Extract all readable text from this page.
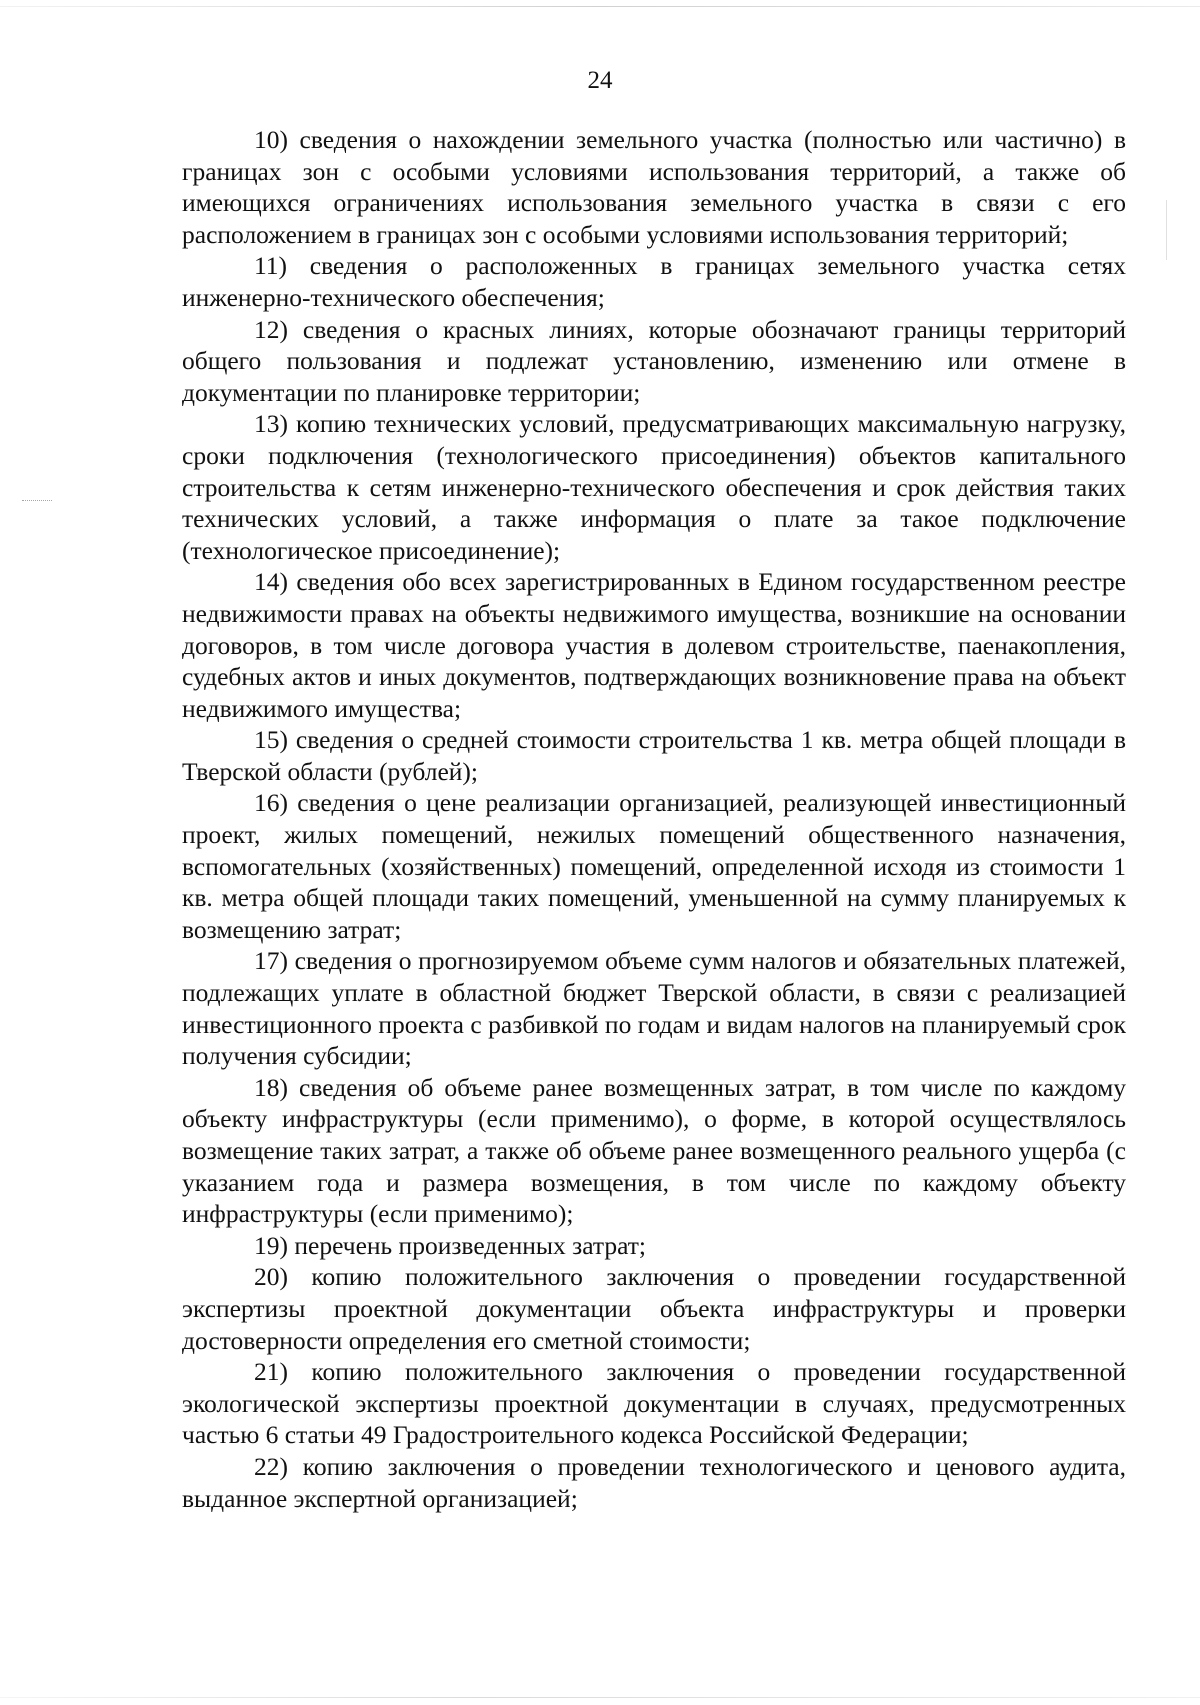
24

10) сведения о нахождении земельного участка (полностью или частично) в границах зон с особыми условиями использования территорий, а также об имеющихся ограничениях использования земельного участка в связи с его расположением в границах зон с особыми условиями использования территорий;

11) сведения о расположенных в границах земельного участка сетях инженерно-технического обеспечения;

12) сведения о красных линиях, которые обозначают границы территорий общего пользования и подлежат установлению, изменению или отмене в документации по планировке территории;

13) копию технических условий, предусматривающих максимальную нагрузку, сроки подключения (технологического присоединения) объектов капитального строительства к сетям инженерно-технического обеспечения и срок действия таких технических условий, а также информация о плате за такое подключение (технологическое присоединение);

14) сведения обо всех зарегистрированных в Едином государственном реестре недвижимости правах на объекты недвижимого имущества, возникшие на основании договоров, в том числе договора участия в долевом строительстве, паенакопления, судебных актов и иных документов, подтверждающих возникновение права на объект недвижимого имущества;

15) сведения о средней стоимости строительства 1 кв. метра общей площади в Тверской области (рублей);

16) сведения о цене реализации организацией, реализующей инвестиционный проект, жилых помещений, нежилых помещений общественного назначения, вспомогательных (хозяйственных) помещений, определенной исходя из стоимости 1 кв. метра общей площади таких помещений, уменьшенной на сумму планируемых к возмещению затрат;

17) сведения о прогнозируемом объеме сумм налогов и обязательных платежей, подлежащих уплате в областной бюджет Тверской области, в связи с реализацией инвестиционного проекта с разбивкой по годам и видам налогов на планируемый срок получения субсидии;

18) сведения об объеме ранее возмещенных затрат, в том числе по каждому объекту инфраструктуры (если применимо), о форме, в которой осуществлялось возмещение таких затрат, а также об объеме ранее возмещенного реального ущерба (с указанием года и размера возмещения, в том числе по каждому объекту инфраструктуры (если применимо);

19) перечень произведенных затрат;

20) копию положительного заключения о проведении государственной экспертизы проектной документации объекта инфраструктуры и проверки достоверности определения его сметной стоимости;

21) копию положительного заключения о проведении государственной экологической экспертизы проектной документации в случаях, предусмотренных частью 6 статьи 49 Градостроительного кодекса Российской Федерации;

22) копию заключения о проведении технологического и ценового аудита, выданное экспертной организацией;
